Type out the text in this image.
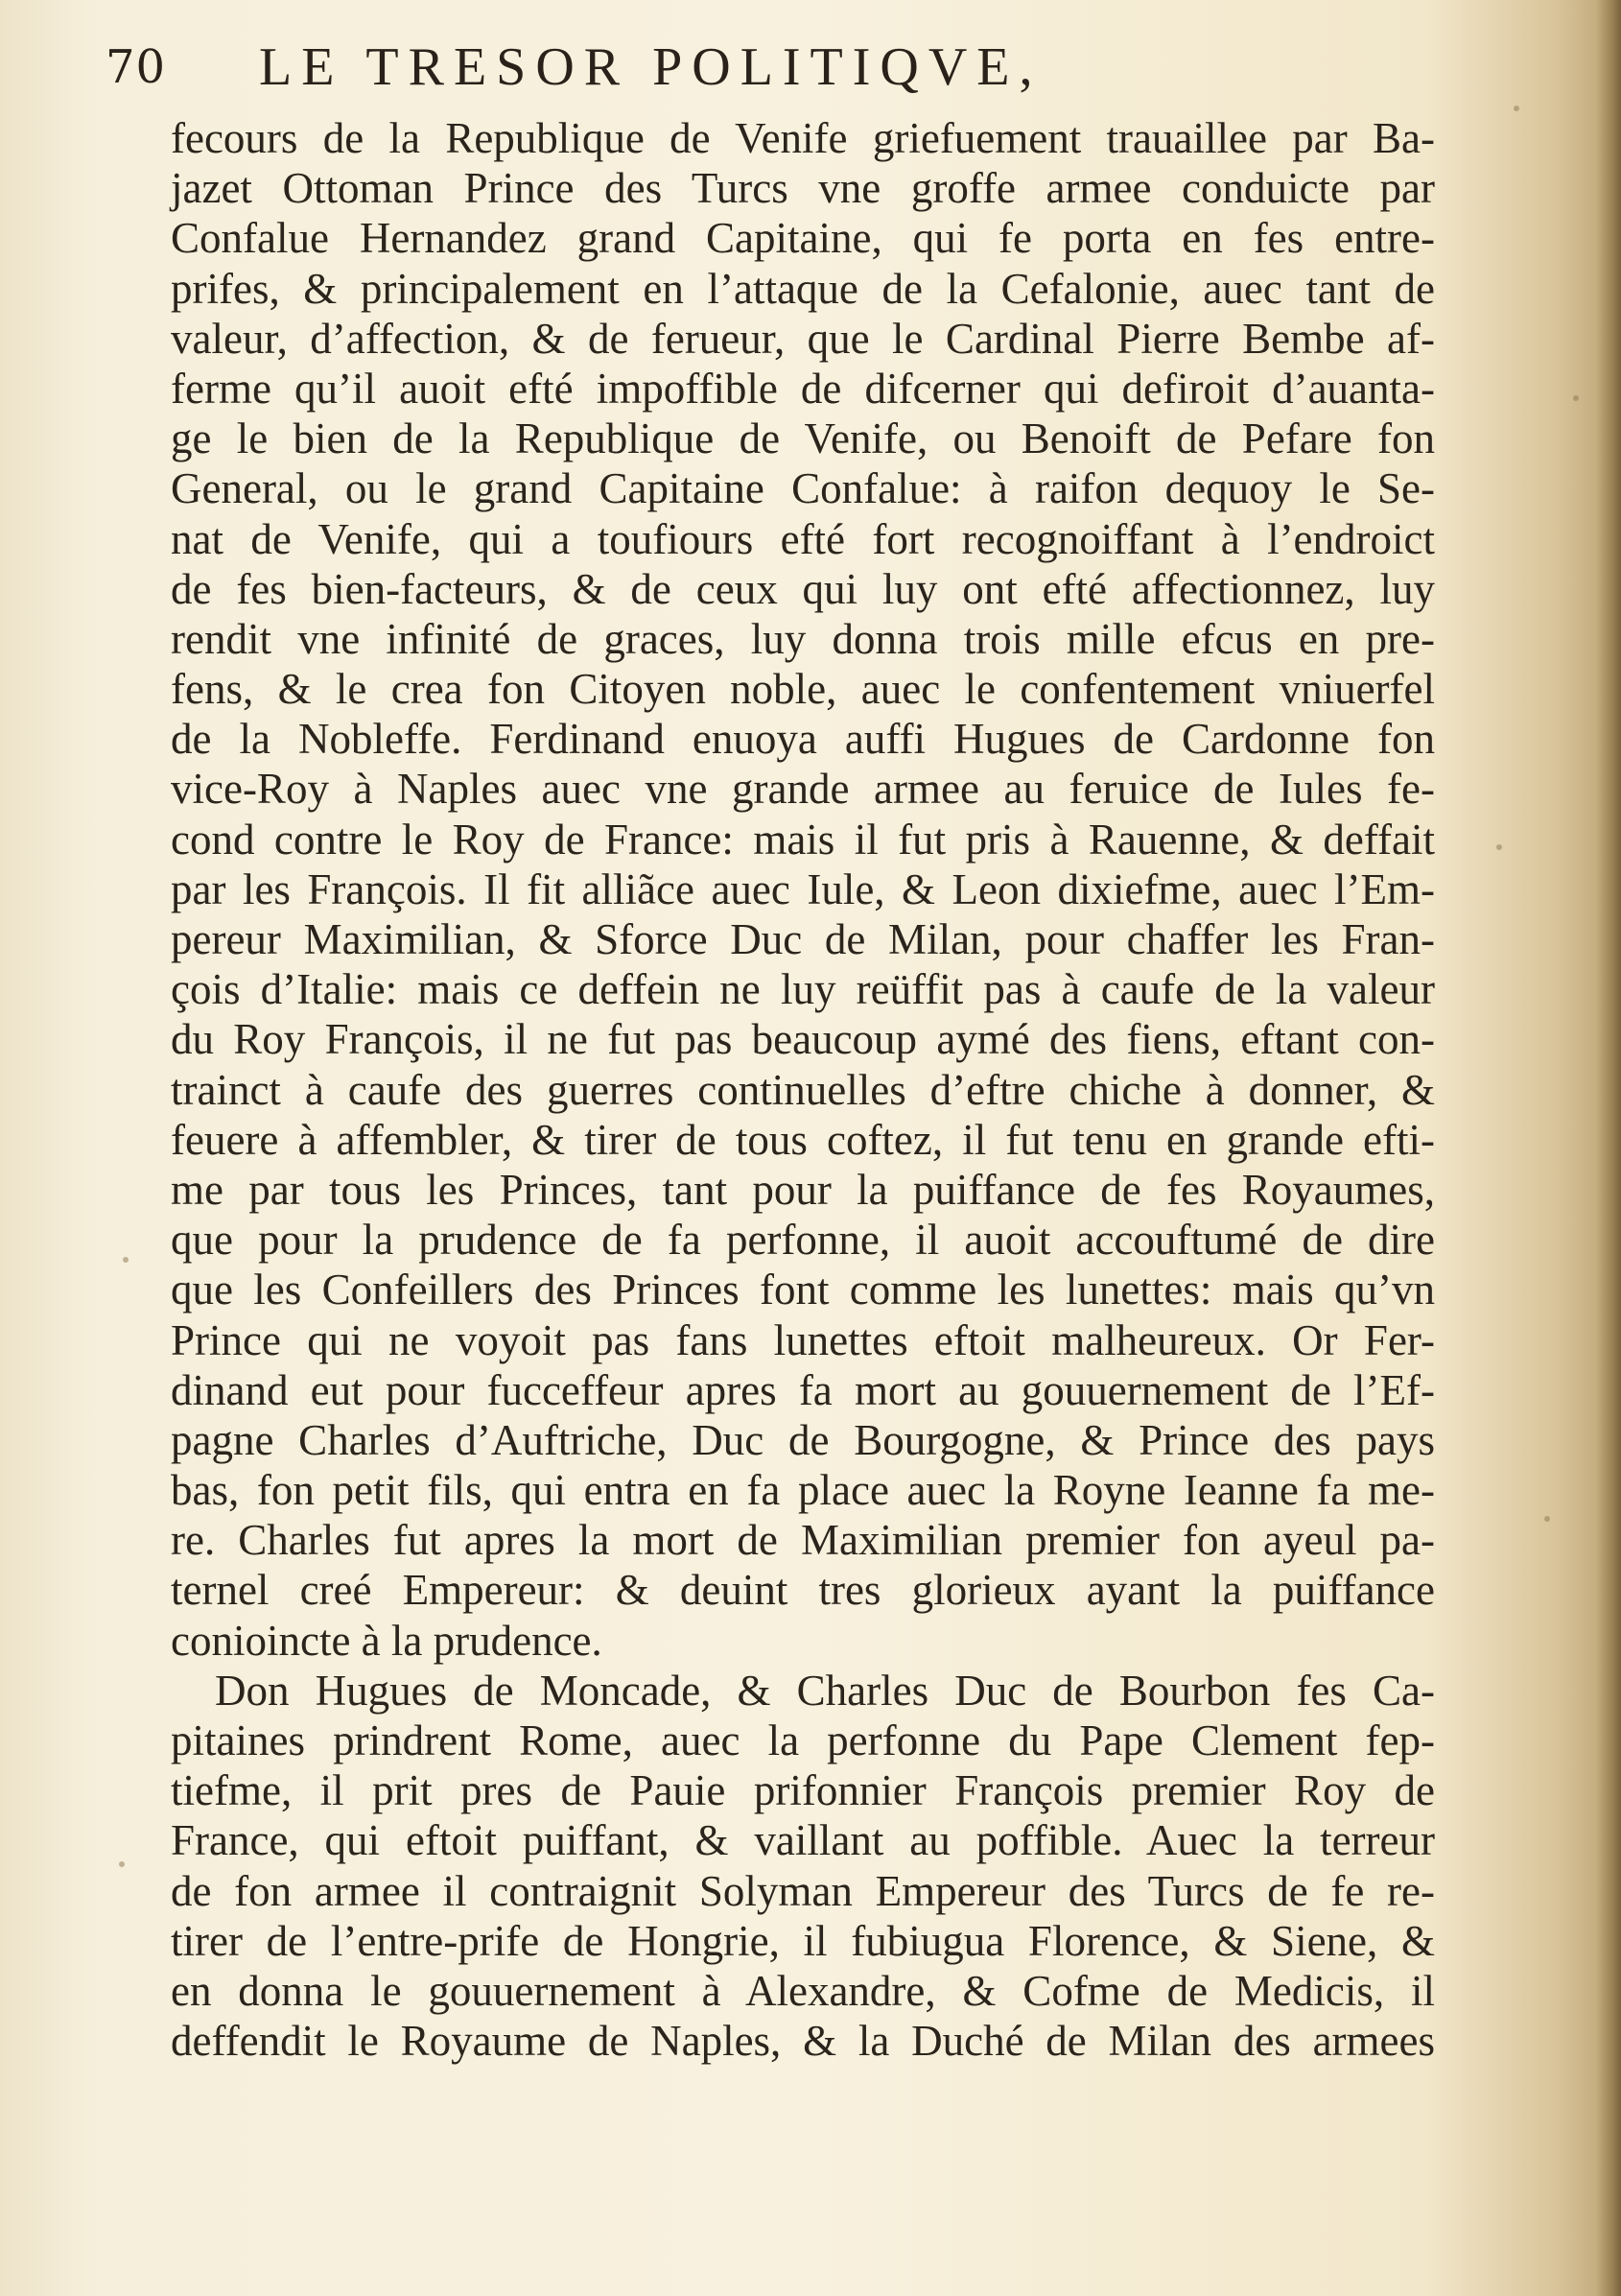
70 LE TRESOR POLITIQVE,
fecours de la Republique de Venife griefuement trauaillee par Ba-
jazet Ottoman Prince des Turcs vne groffe armee conduicte par
Confalue Hernandez grand Capitaine, qui fe porta en fes entre-
prifes, & principalement en l’attaque de la Cefalonie, auec tant de
valeur, d’affection, & de ferueur, que le Cardinal Pierre Bembe af-
ferme qu’il auoit efté impoffible de difcerner qui defiroit d’auanta-
ge le bien de la Republique de Venife, ou Benoift de Pefare fon
General, ou le grand Capitaine Confalue: à raifon dequoy le Se-
nat de Venife, qui a toufiours efté fort recognoiffant à l’endroict
de fes bien-facteurs, & de ceux qui luy ont efté affectionnez, luy
rendit vne infinité de graces, luy donna trois mille efcus en pre-
fens, & le crea fon Citoyen noble, auec le confentement vniuerfel
de la Nobleffe. Ferdinand enuoya auffi Hugues de Cardonne fon
vice-Roy à Naples auec vne grande armee au feruice de Iules fe-
cond contre le Roy de France: mais il fut pris à Rauenne, & deffait
par les François. Il fit alliãce auec Iule, & Leon dixiefme, auec l’Em-
pereur Maximilian, & Sforce Duc de Milan, pour chaffer les Fran-
çois d’Italie: mais ce deffein ne luy reüffit pas à caufe de la valeur
du Roy François, il ne fut pas beaucoup aymé des fiens, eftant con-
trainct à caufe des guerres continuelles d’eftre chiche à donner, &
feuere à affembler, & tirer de tous coftez, il fut tenu en grande efti-
me par tous les Princes, tant pour la puiffance de fes Royaumes,
que pour la prudence de fa perfonne, il auoit accouftumé de dire
que les Confeillers des Princes font comme les lunettes: mais qu’vn
Prince qui ne voyoit pas fans lunettes eftoit malheureux. Or Fer-
dinand eut pour fucceffeur apres fa mort au gouuernement de l’Ef-
pagne Charles d’Auftriche, Duc de Bourgogne, & Prince des pays
bas, fon petit fils, qui entra en fa place auec la Royne Ieanne fa me-
re. Charles fut apres la mort de Maximilian premier fon ayeul pa-
ternel creé Empereur: & deuint tres glorieux ayant la puiffance
conioincte à la prudence.
Don Hugues de Moncade, & Charles Duc de Bourbon fes Ca-
pitaines prindrent Rome, auec la perfonne du Pape Clement fep-
tiefme, il prit pres de Pauie prifonnier François premier Roy de
France, qui eftoit puiffant, & vaillant au poffible. Auec la terreur
de fon armee il contraignit Solyman Empereur des Turcs de fe re-
tirer de l’entre-prife de Hongrie, il fubiugua Florence, & Siene, &
en donna le gouuernement à Alexandre, & Cofme de Medicis, il
deffendit le Royaume de Naples, & la Duché de Milan des armees
